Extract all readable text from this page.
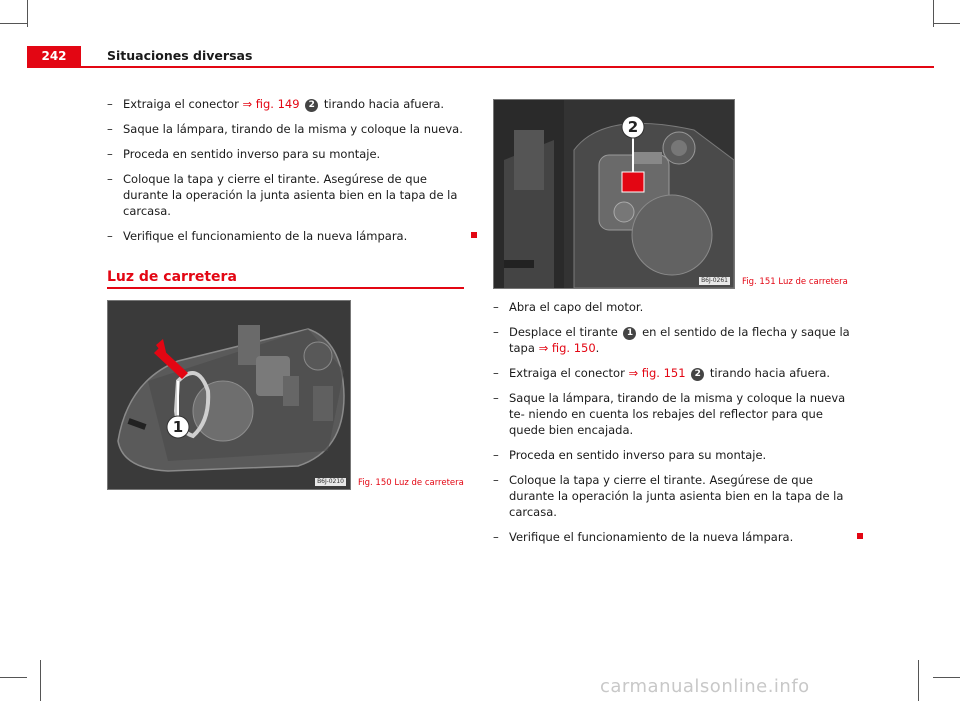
242	Situaciones diversas
– Extraiga el conector ⇒ fig. 149 2 tirando hacia afuera.
– Saque la lámpara, tirando de la misma y coloque la nueva.
– Proceda en sentido inverso para su montaje.
– Coloque la tapa y cierre el tirante. Asegúrese de que durante la operación la junta asienta bien en la tapa de la carcasa.
– Verifique el funcionamiento de la nueva lámpara.
Luz de carretera
1
B6J-0210 Fig. 150 Luz de carretera
2
B6J-0261 Fig. 151 Luz de carretera
– Abra el capo del motor.
– Desplace el tirante 1 en el sentido de la flecha y saque la tapa ⇒ fig. 150.
– Extraiga el conector ⇒ fig. 151 2 tirando hacia afuera.
– Saque la lámpara, tirando de la misma y coloque la nueva te- niendo en cuenta los rebajes del reflector para que quede bien encajada.
– Proceda en sentido inverso para su montaje.
– Coloque la tapa y cierre el tirante. Asegúrese de que durante la operación la junta asienta bien en la tapa de la carcasa.
– Verifique el funcionamiento de la nueva lámpara.
carmanualsonline.info
